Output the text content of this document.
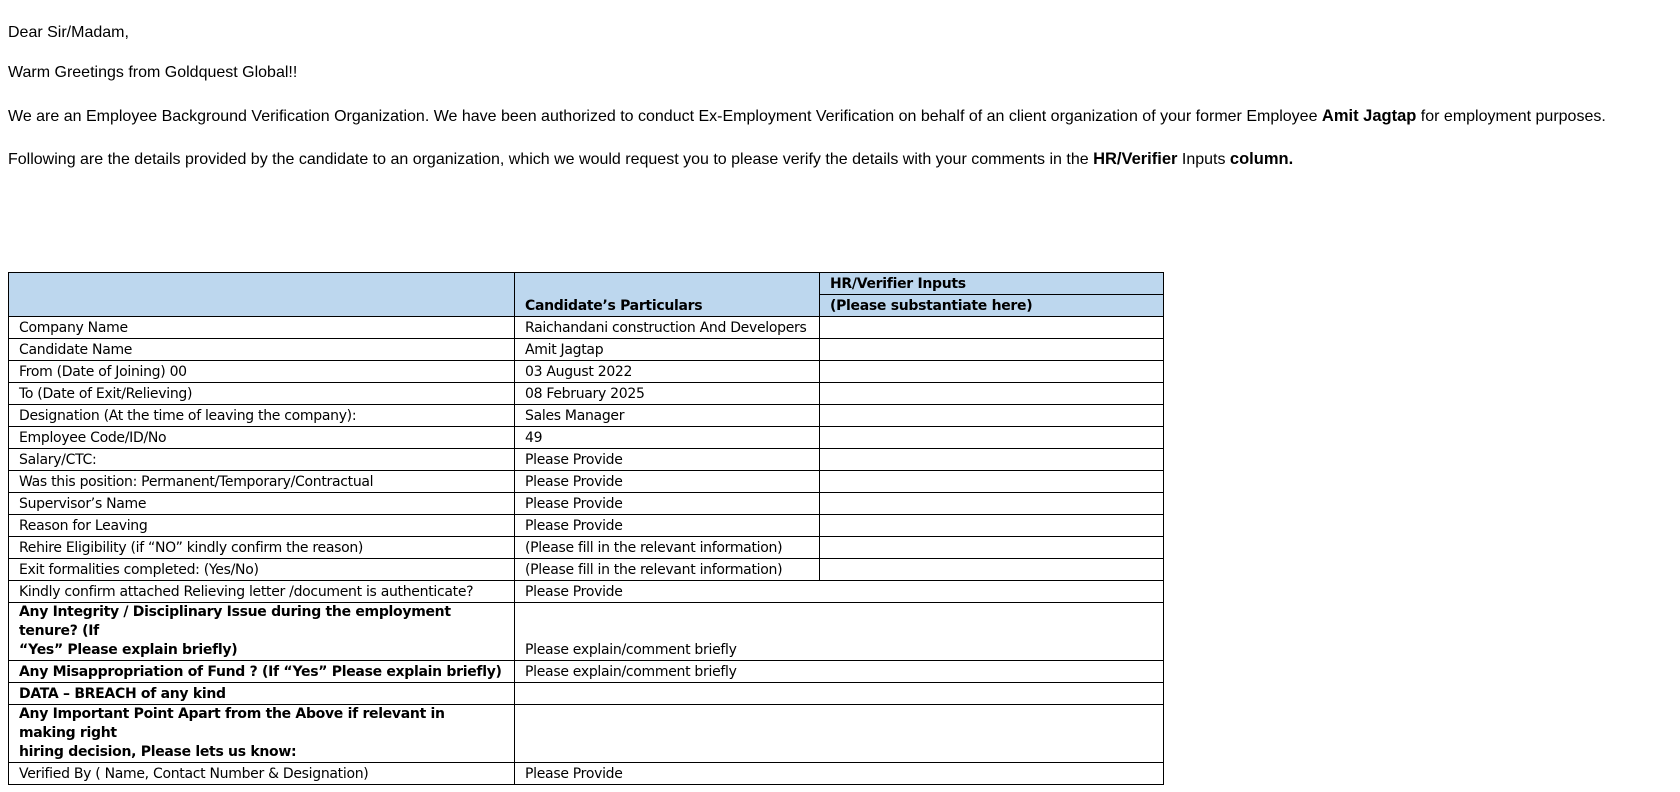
Dear Sir/Madam,

Warm Greetings from Goldquest Global!!

We are an Employee Background Verification Organization. We have been authorized to conduct Ex-Employment Verification on behalf of an client organization of your former Employee Amit Jagtap for employment purposes.

Following are the details provided by the candidate to an organization, which we would request you to please verify the details with your comments in the HR/Verifier Inputs column.

	Candidate’s Particulars	HR/Verifier Inputs
		(Please substantiate here)
Company Name	Raichandani construction And Developers	
Candidate Name	Amit Jagtap	
From (Date of Joining) 00	03 August 2022	
To (Date of Exit/Relieving)	08 February 2025	
Designation (At the time of leaving the company):	Sales Manager	
Employee Code/ID/No	49	
Salary/CTC:	Please Provide	
Was this position: Permanent/Temporary/Contractual	Please Provide	
Supervisor’s Name	Please Provide	
Reason for Leaving	Please Provide	
Rehire Eligibility (if “NO” kindly confirm the reason)	(Please fill in the relevant information)	
Exit formalities completed: (Yes/No)	(Please fill in the relevant information)	
Kindly confirm attached Relieving letter /document is authenticate?	Please Provide	
Any Integrity / Disciplinary Issue during the employment tenure? (If
“Yes” Please explain briefly)	Please explain/comment briefly	
Any Misappropriation of Fund ? (If “Yes” Please explain briefly)	Please explain/comment briefly	
DATA – BREACH of any kind		
Any Important Point Apart from the Above if relevant in making right
hiring decision, Please lets us know:		
Verified By ( Name, Contact Number & Designation)	Please Provide	
